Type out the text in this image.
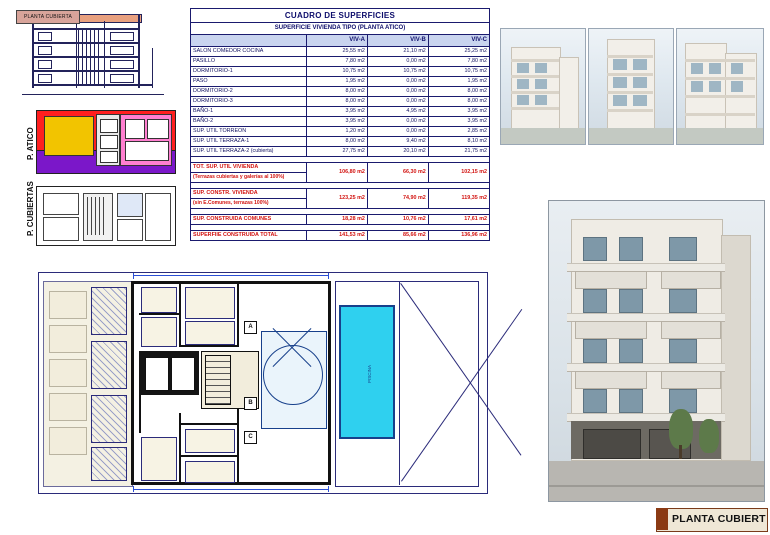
PLANTA CUBIERTA
P. ATICO
P. CUBIERTAS
CUADRO DE SUPERFICIES			
SUPERFICIE VIVIENDA TIPO (PLANTA ATICO)			
	VIV-A	VIV-B	VIV-C
SALON COMEDOR COCINA	25,55 m2	21,10 m2	25,25 m2
PASILLO	7,80 m2	0,00 m2	7,80 m2
DORMITORIO-1	10,75 m2	10,75 m2	10,75 m2
PASO	1,95 m2	0,00 m2	1,95 m2
DORMITORIO-2	8,00 m2	0,00 m2	8,00 m2
DORMITORIO-3	8,00 m2	0,00 m2	8,00 m2
BAÑO-1	3,95 m2	4,95 m2	3,95 m2
BAÑO-2	3,95 m2	0,00 m2	3,95 m2
SUP. UTIL TORREON	1,20 m2	0,00 m2	2,85 m2
SUP. UTIL TERRAZA-1	8,00 m2	9,40 m2	8,10 m2
SUP. UTIL TERRAZA-2 (cubierta)	27,75 m2	20,10 m2	21,75 m2

TOT. SUP. UTIL VIVIENDA	106,80 m2	66,30 m2	102,15 m2
(Terrazas cubiertas y galerías al 100%)			

SUP. CONSTR. VIVIENDA	123,25 m2	74,90 m2	119,35 m2
(sin E.Comunes, terrazas 100%)			

SUP. CONSTRUIDA COMUNES	18,28 m2	10,76 m2	17,61 m2

SUPERFIIE CONSTRUIDA TOTAL	141,53 m2	85,66 m2	136,96 m2
PISCINA
A
B
C
PLANTA CUBIERT
